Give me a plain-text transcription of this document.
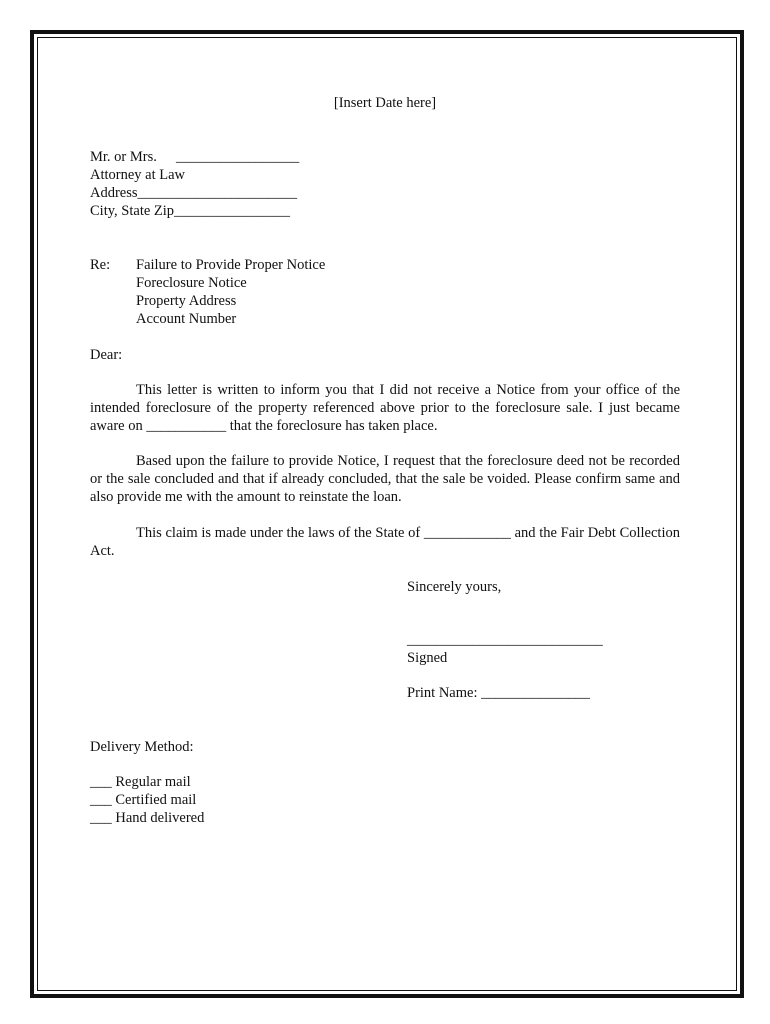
[Insert Date here]
Mr. or Mrs. _________________
Attorney at Law
Address______________________
City, State Zip________________
Re: Failure to Provide Proper Notice
Foreclosure Notice
Property Address
Account Number
Dear:
This letter is written to inform you that I did not receive a Notice from your office of the intended foreclosure of the property referenced above prior to the foreclosure sale. I just became aware on ___________ that the foreclosure has taken place.
Based upon the failure to provide Notice, I request that the foreclosure deed not be recorded or the sale concluded and that if already concluded, that the sale be voided. Please confirm same and also provide me with the amount to reinstate the loan.
This claim is made under the laws of the State of ____________ and the Fair Debt Collection Act.
Sincerely yours,
___________________________
Signed
Print Name: _______________
Delivery Method:
___ Regular mail
___ Certified mail
___ Hand delivered
